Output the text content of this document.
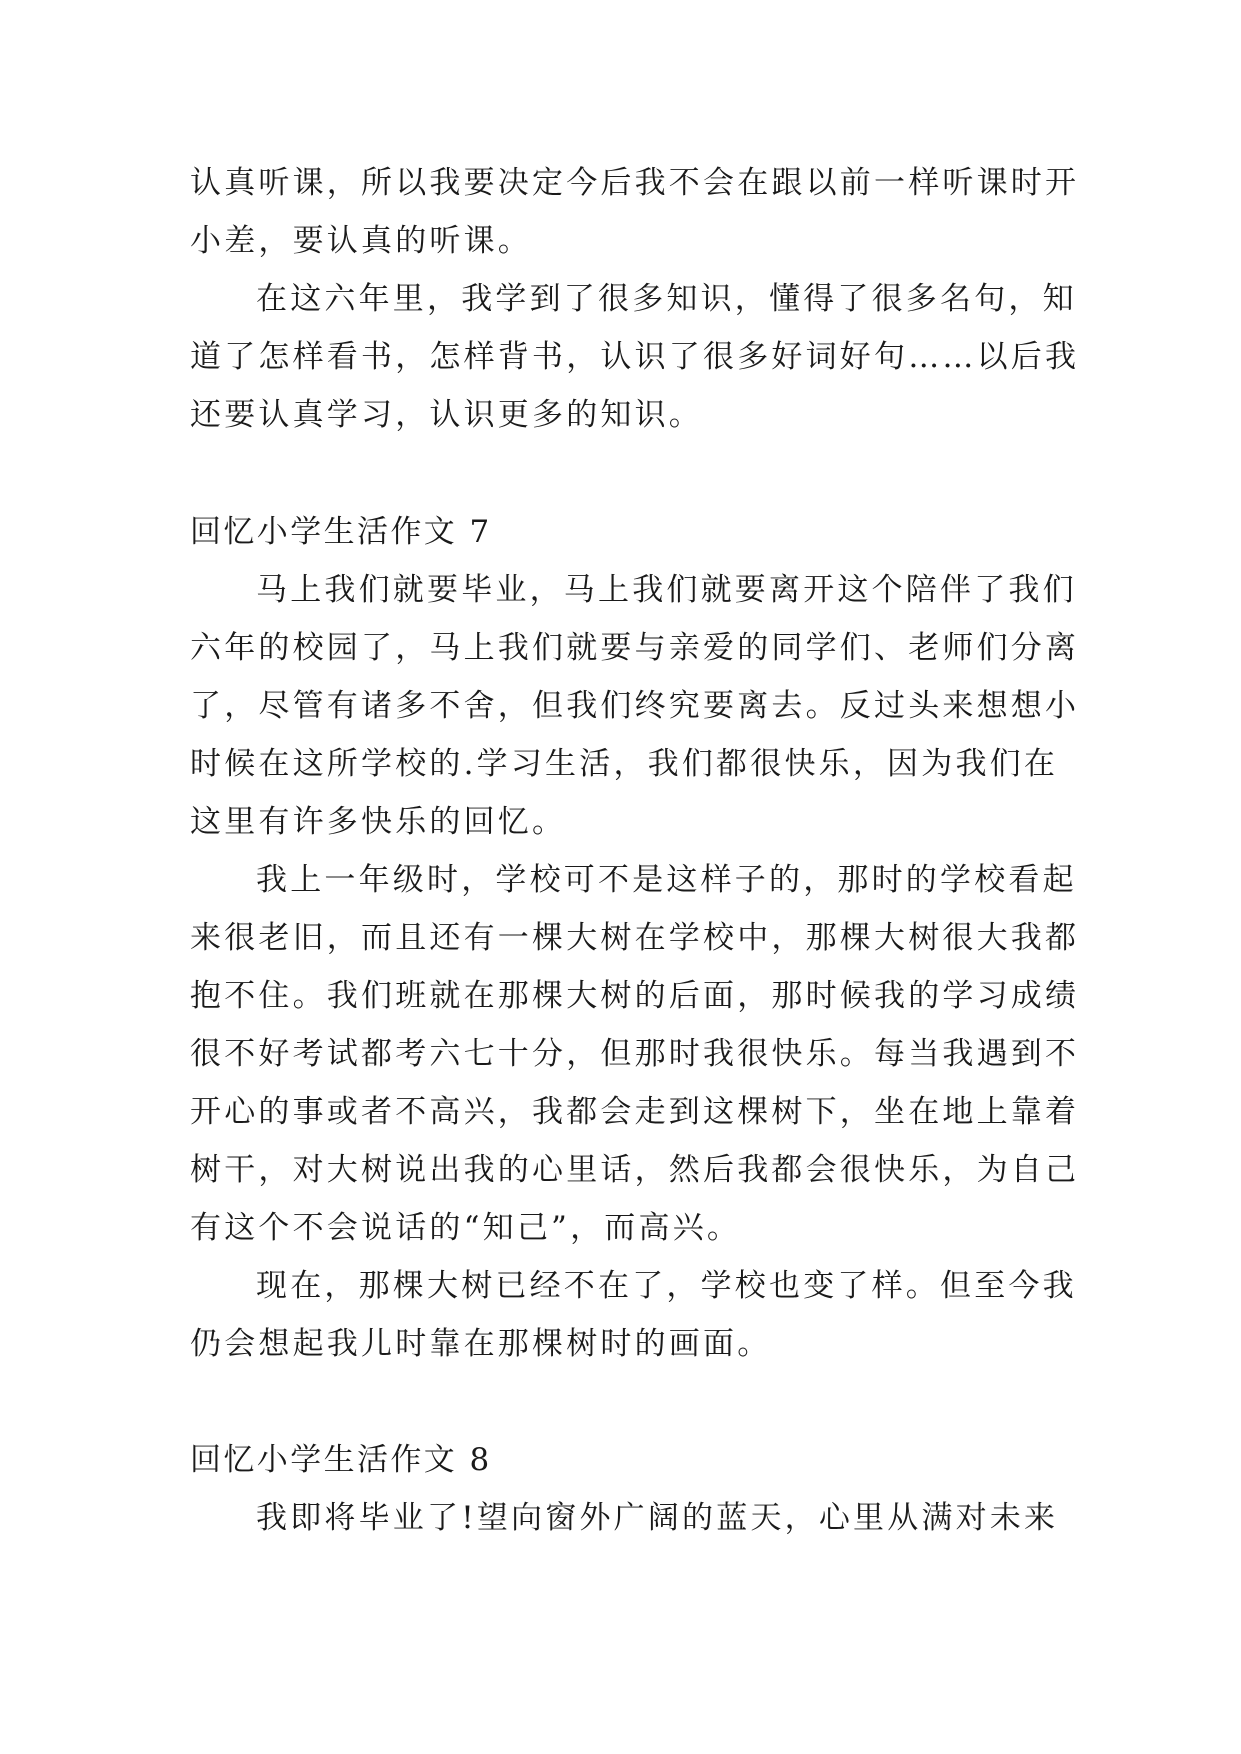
认真听课，所以我要决定今后我不会在跟以前一样听课时开
小差，要认真的听课。
在这六年里，我学到了很多知识，懂得了很多名句，知
道了怎样看书，怎样背书，认识了很多好词好句……以后我
还要认真学习，认识更多的知识。
回忆小学生活作文 7
马上我们就要毕业，马上我们就要离开这个陪伴了我们
六年的校园了，马上我们就要与亲爱的同学们、老师们分离
了，尽管有诸多不舍，但我们终究要离去。反过头来想想小
时候在这所学校的.学习生活，我们都很快乐，因为我们在
这里有许多快乐的回忆。
我上一年级时，学校可不是这样子的，那时的学校看起
来很老旧，而且还有一棵大树在学校中，那棵大树很大我都
抱不住。我们班就在那棵大树的后面，那时候我的学习成绩
很不好考试都考六七十分，但那时我很快乐。每当我遇到不
开心的事或者不高兴，我都会走到这棵树下，坐在地上靠着
树干，对大树说出我的心里话，然后我都会很快乐，为自己
有这个不会说话的“知己”，而高兴。
现在，那棵大树已经不在了，学校也变了样。但至今我
仍会想起我儿时靠在那棵树时的画面。
回忆小学生活作文 8
我即将毕业了!望向窗外广阔的蓝天，心里从满对未来
